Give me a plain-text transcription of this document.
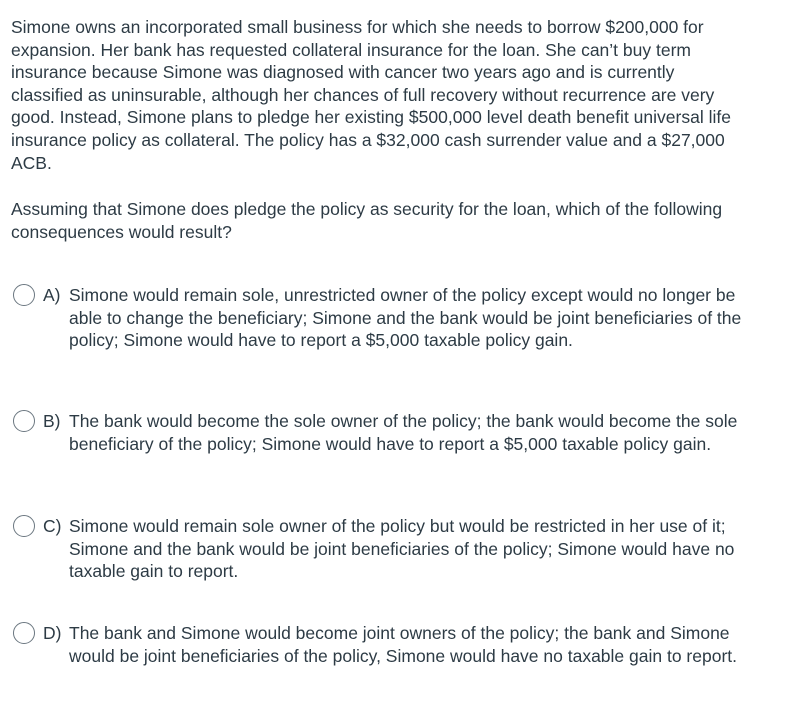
Simone owns an incorporated small business for which she needs to borrow $200,000 for expansion. Her bank has requested collateral insurance for the loan. She can’t buy term insurance because Simone was diagnosed with cancer two years ago and is currently classified as uninsurable, although her chances of full recovery without recurrence are very good. Instead, Simone plans to pledge her existing $500,000 level death benefit universal life insurance policy as collateral. The policy has a $32,000 cash surrender value and a $27,000 ACB.

Assuming that Simone does pledge the policy as security for the loan, which of the following consequences would result?

A) Simone would remain sole, unrestricted owner of the policy except would no longer be able to change the beneficiary; Simone and the bank would be joint beneficiaries of the policy; Simone would have to report a $5,000 taxable policy gain.
B) The bank would become the sole owner of the policy; the bank would become the sole beneficiary of the policy; Simone would have to report a $5,000 taxable policy gain.
C) Simone would remain sole owner of the policy but would be restricted in her use of it; Simone and the bank would be joint beneficiaries of the policy; Simone would have no taxable gain to report.
D) The bank and Simone would become joint owners of the policy; the bank and Simone would be joint beneficiaries of the policy, Simone would have no taxable gain to report.
